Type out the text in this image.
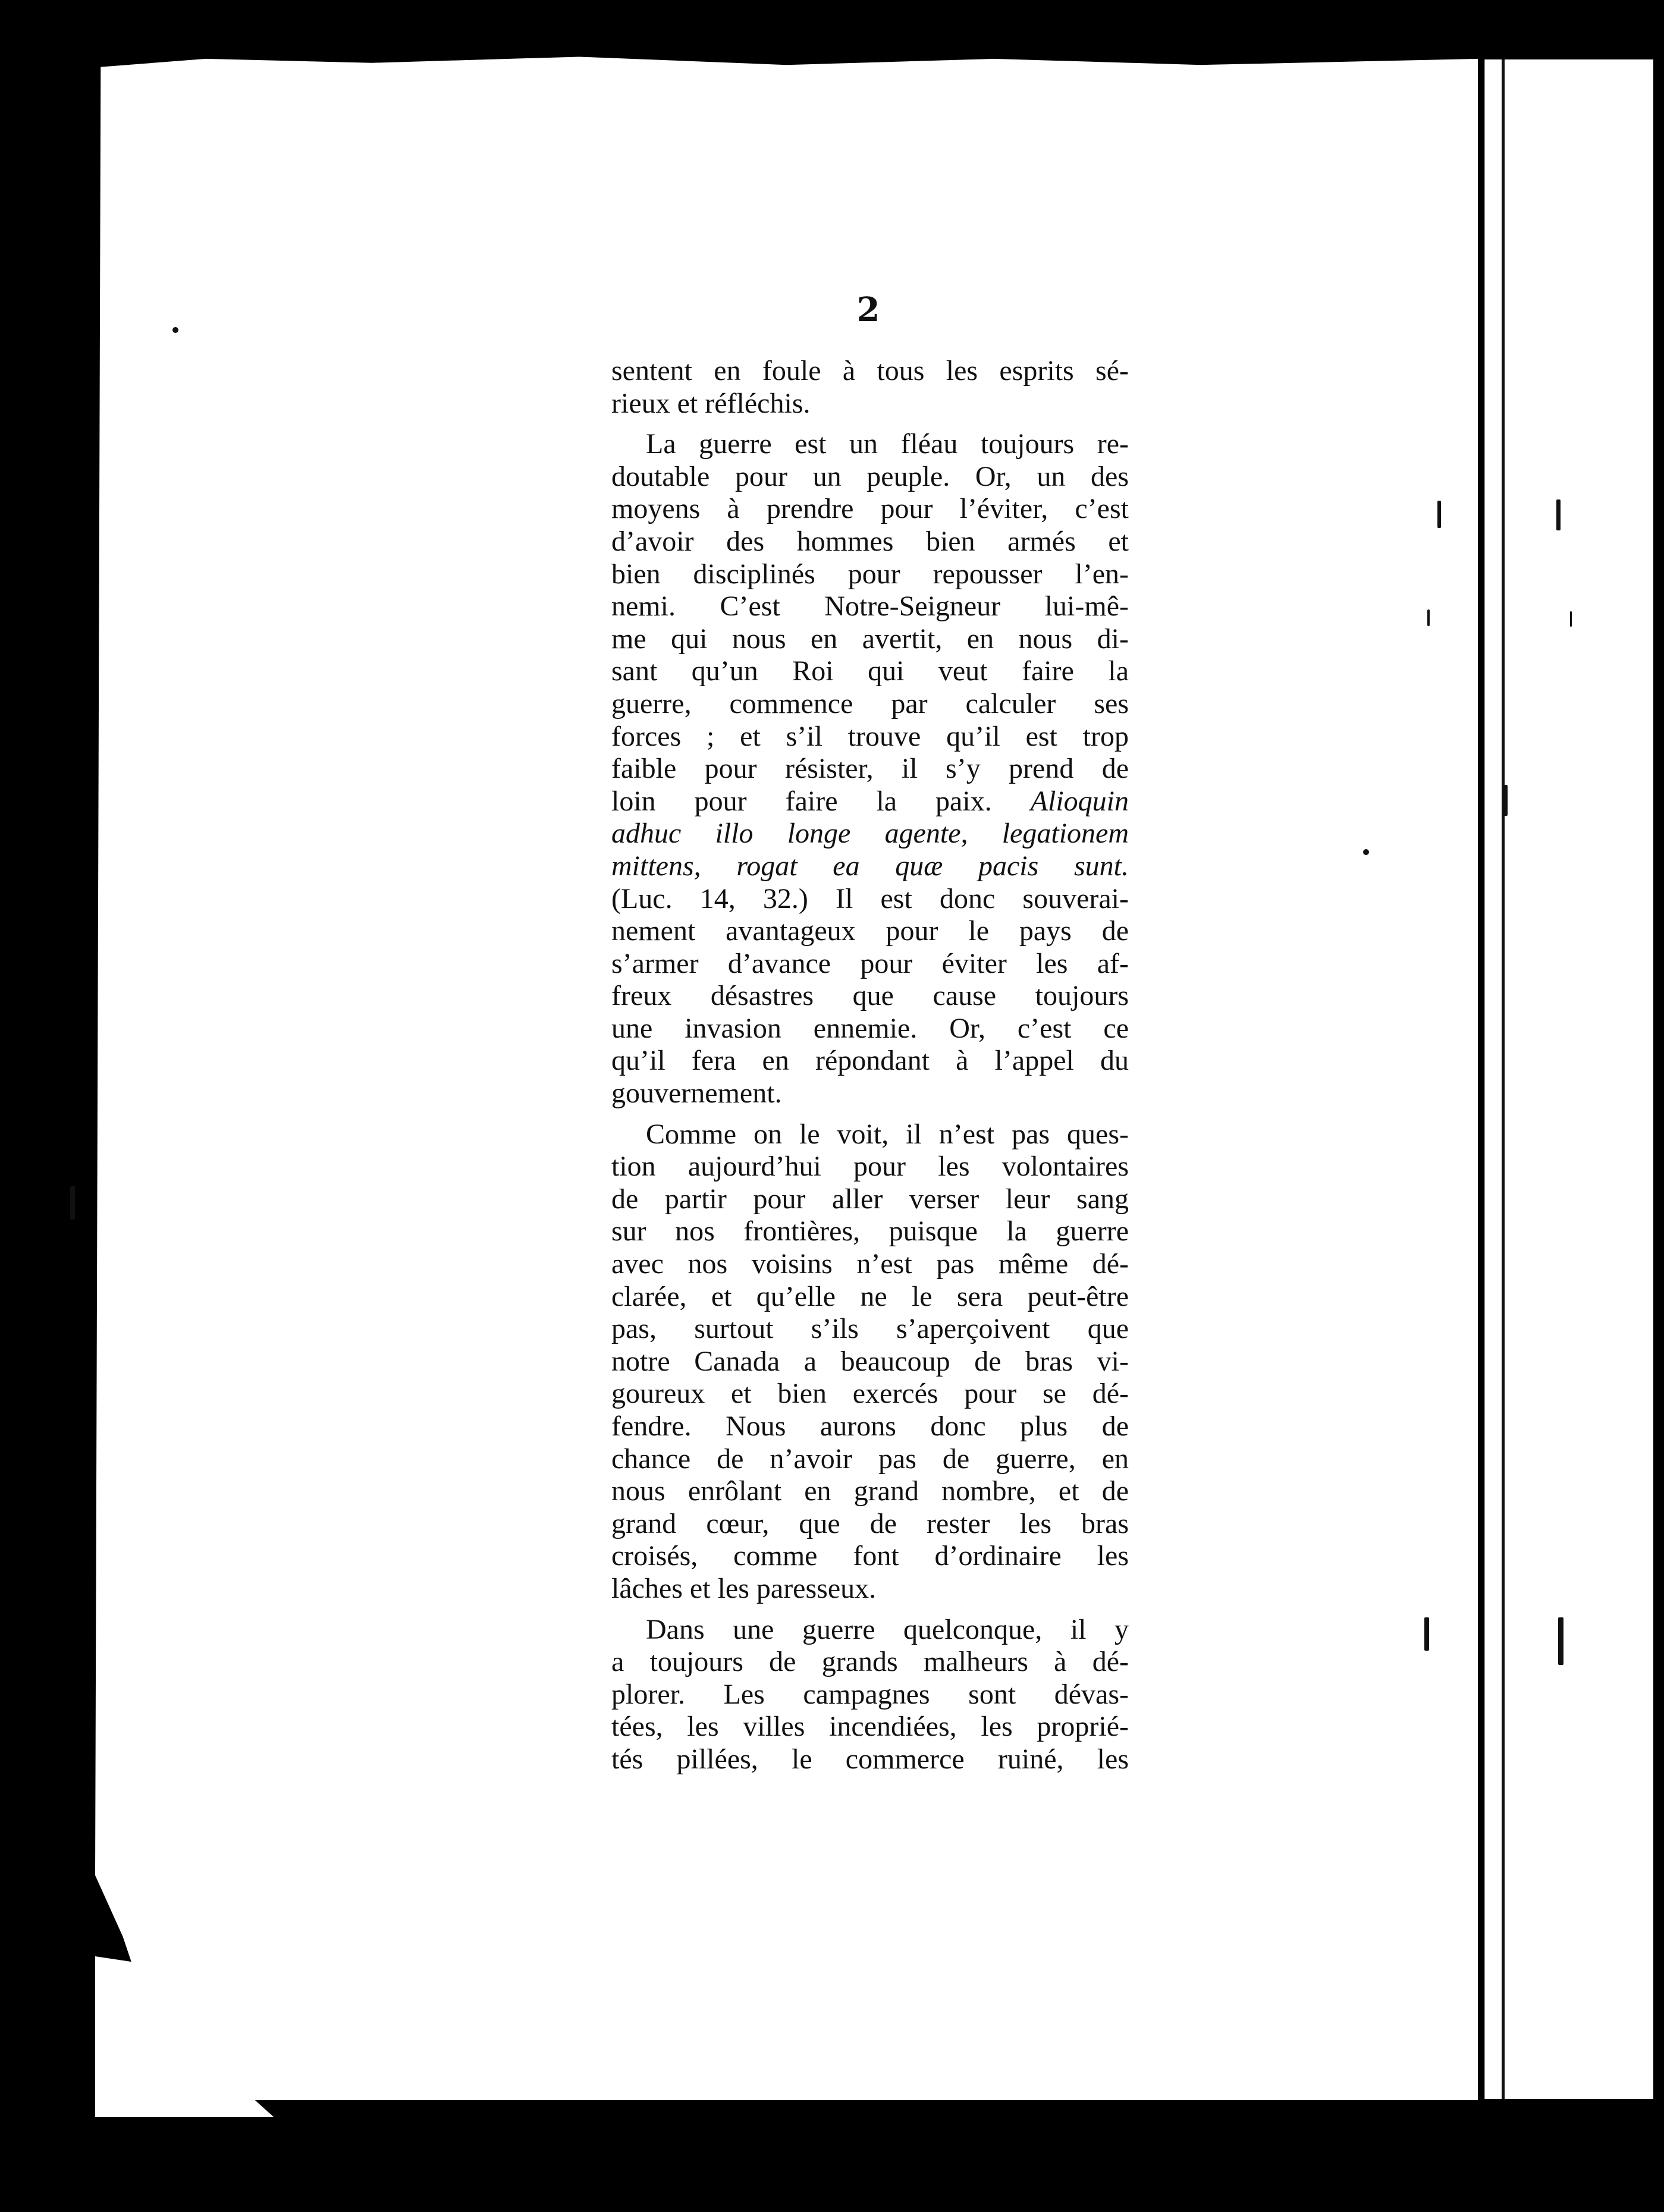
2
sentent en foule à tous les esprits sé-
rieux et réfléchis.
La guerre est un fléau toujours re-
doutable pour un peuple. Or, un des
moyens à prendre pour l’éviter, c’est
d’avoir des hommes bien armés et
bien disciplinés pour repousser l’en-
nemi. C’est Notre-Seigneur lui-mê-
me qui nous en avertit, en nous di-
sant qu’un Roi qui veut faire la
guerre, commence par calculer ses
forces ; et s’il trouve qu’il est trop
faible pour résister, il s’y prend de
loin pour faire la paix. Alioquin
adhuc illo longe agente, legationem
mittens, rogat ea quæ pacis sunt.
(Luc. 14, 32.) Il est donc souverai-
nement avantageux pour le pays de
s’armer d’avance pour éviter les af-
freux désastres que cause toujours
une invasion ennemie. Or, c’est ce
qu’il fera en répondant à l’appel du
gouvernement.
Comme on le voit, il n’est pas ques-
tion aujourd’hui pour les volontaires
de partir pour aller verser leur sang
sur nos frontières, puisque la guerre
avec nos voisins n’est pas même dé-
clarée, et qu’elle ne le sera peut-être
pas, surtout s’ils s’aperçoivent que
notre Canada a beaucoup de bras vi-
goureux et bien exercés pour se dé-
fendre. Nous aurons donc plus de
chance de n’avoir pas de guerre, en
nous enrôlant en grand nombre, et de
grand cœur, que de rester les bras
croisés, comme font d’ordinaire les
lâches et les paresseux.
Dans une guerre quelconque, il y
a toujours de grands malheurs à dé-
plorer. Les campagnes sont dévas-
tées, les villes incendiées, les proprié-
tés pillées, le commerce ruiné, les
